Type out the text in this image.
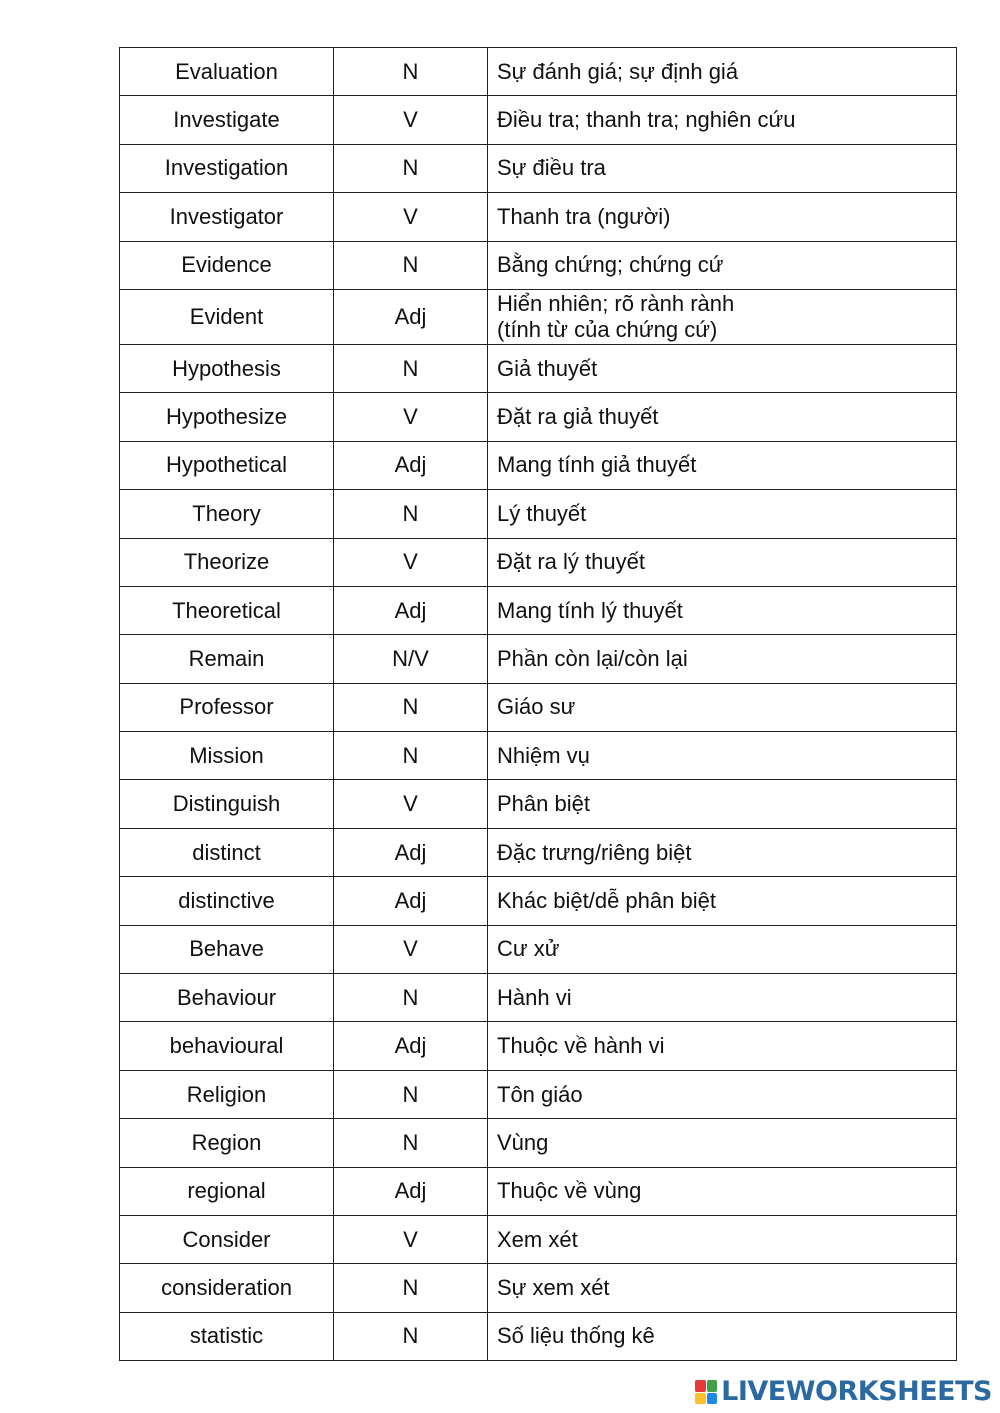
Evaluation	N	Sự đánh giá; sự định giá

Investigate	V	Điều tra; thanh tra; nghiên cứu

Investigation	N	Sự điều tra

Investigator	V	Thanh tra (người)

Evidence	N	Bằng chứng; chứng cứ

Evident	Adj	Hiển nhiên; rõ rành rành
(tính từ của chứng cứ)

Hypothesis	N	Giả thuyết

Hypothesize	V	Đặt ra giả thuyết

Hypothetical	Adj	Mang tính giả thuyết

Theory	N	Lý thuyết

Theorize	V	Đặt ra lý thuyết

Theoretical	Adj	Mang tính lý thuyết

Remain	N/V	Phần còn lại/còn lại

Professor	N	Giáo sư

Mission	N	Nhiệm vụ

Distinguish	V	Phân biệt

distinct	Adj	Đặc trưng/riêng biệt

distinctive	Adj	Khác biệt/dễ phân biệt

Behave	V	Cư xử

Behaviour	N	Hành vi

behavioural	Adj	Thuộc về hành vi

Religion	N	Tôn giáo

Region	N	Vùng

regional	Adj	Thuộc về vùng

Consider	V	Xem xét

consideration	N	Sự xem xét

statistic	N	Số liệu thống kê
LIVEWORKSHEETS
